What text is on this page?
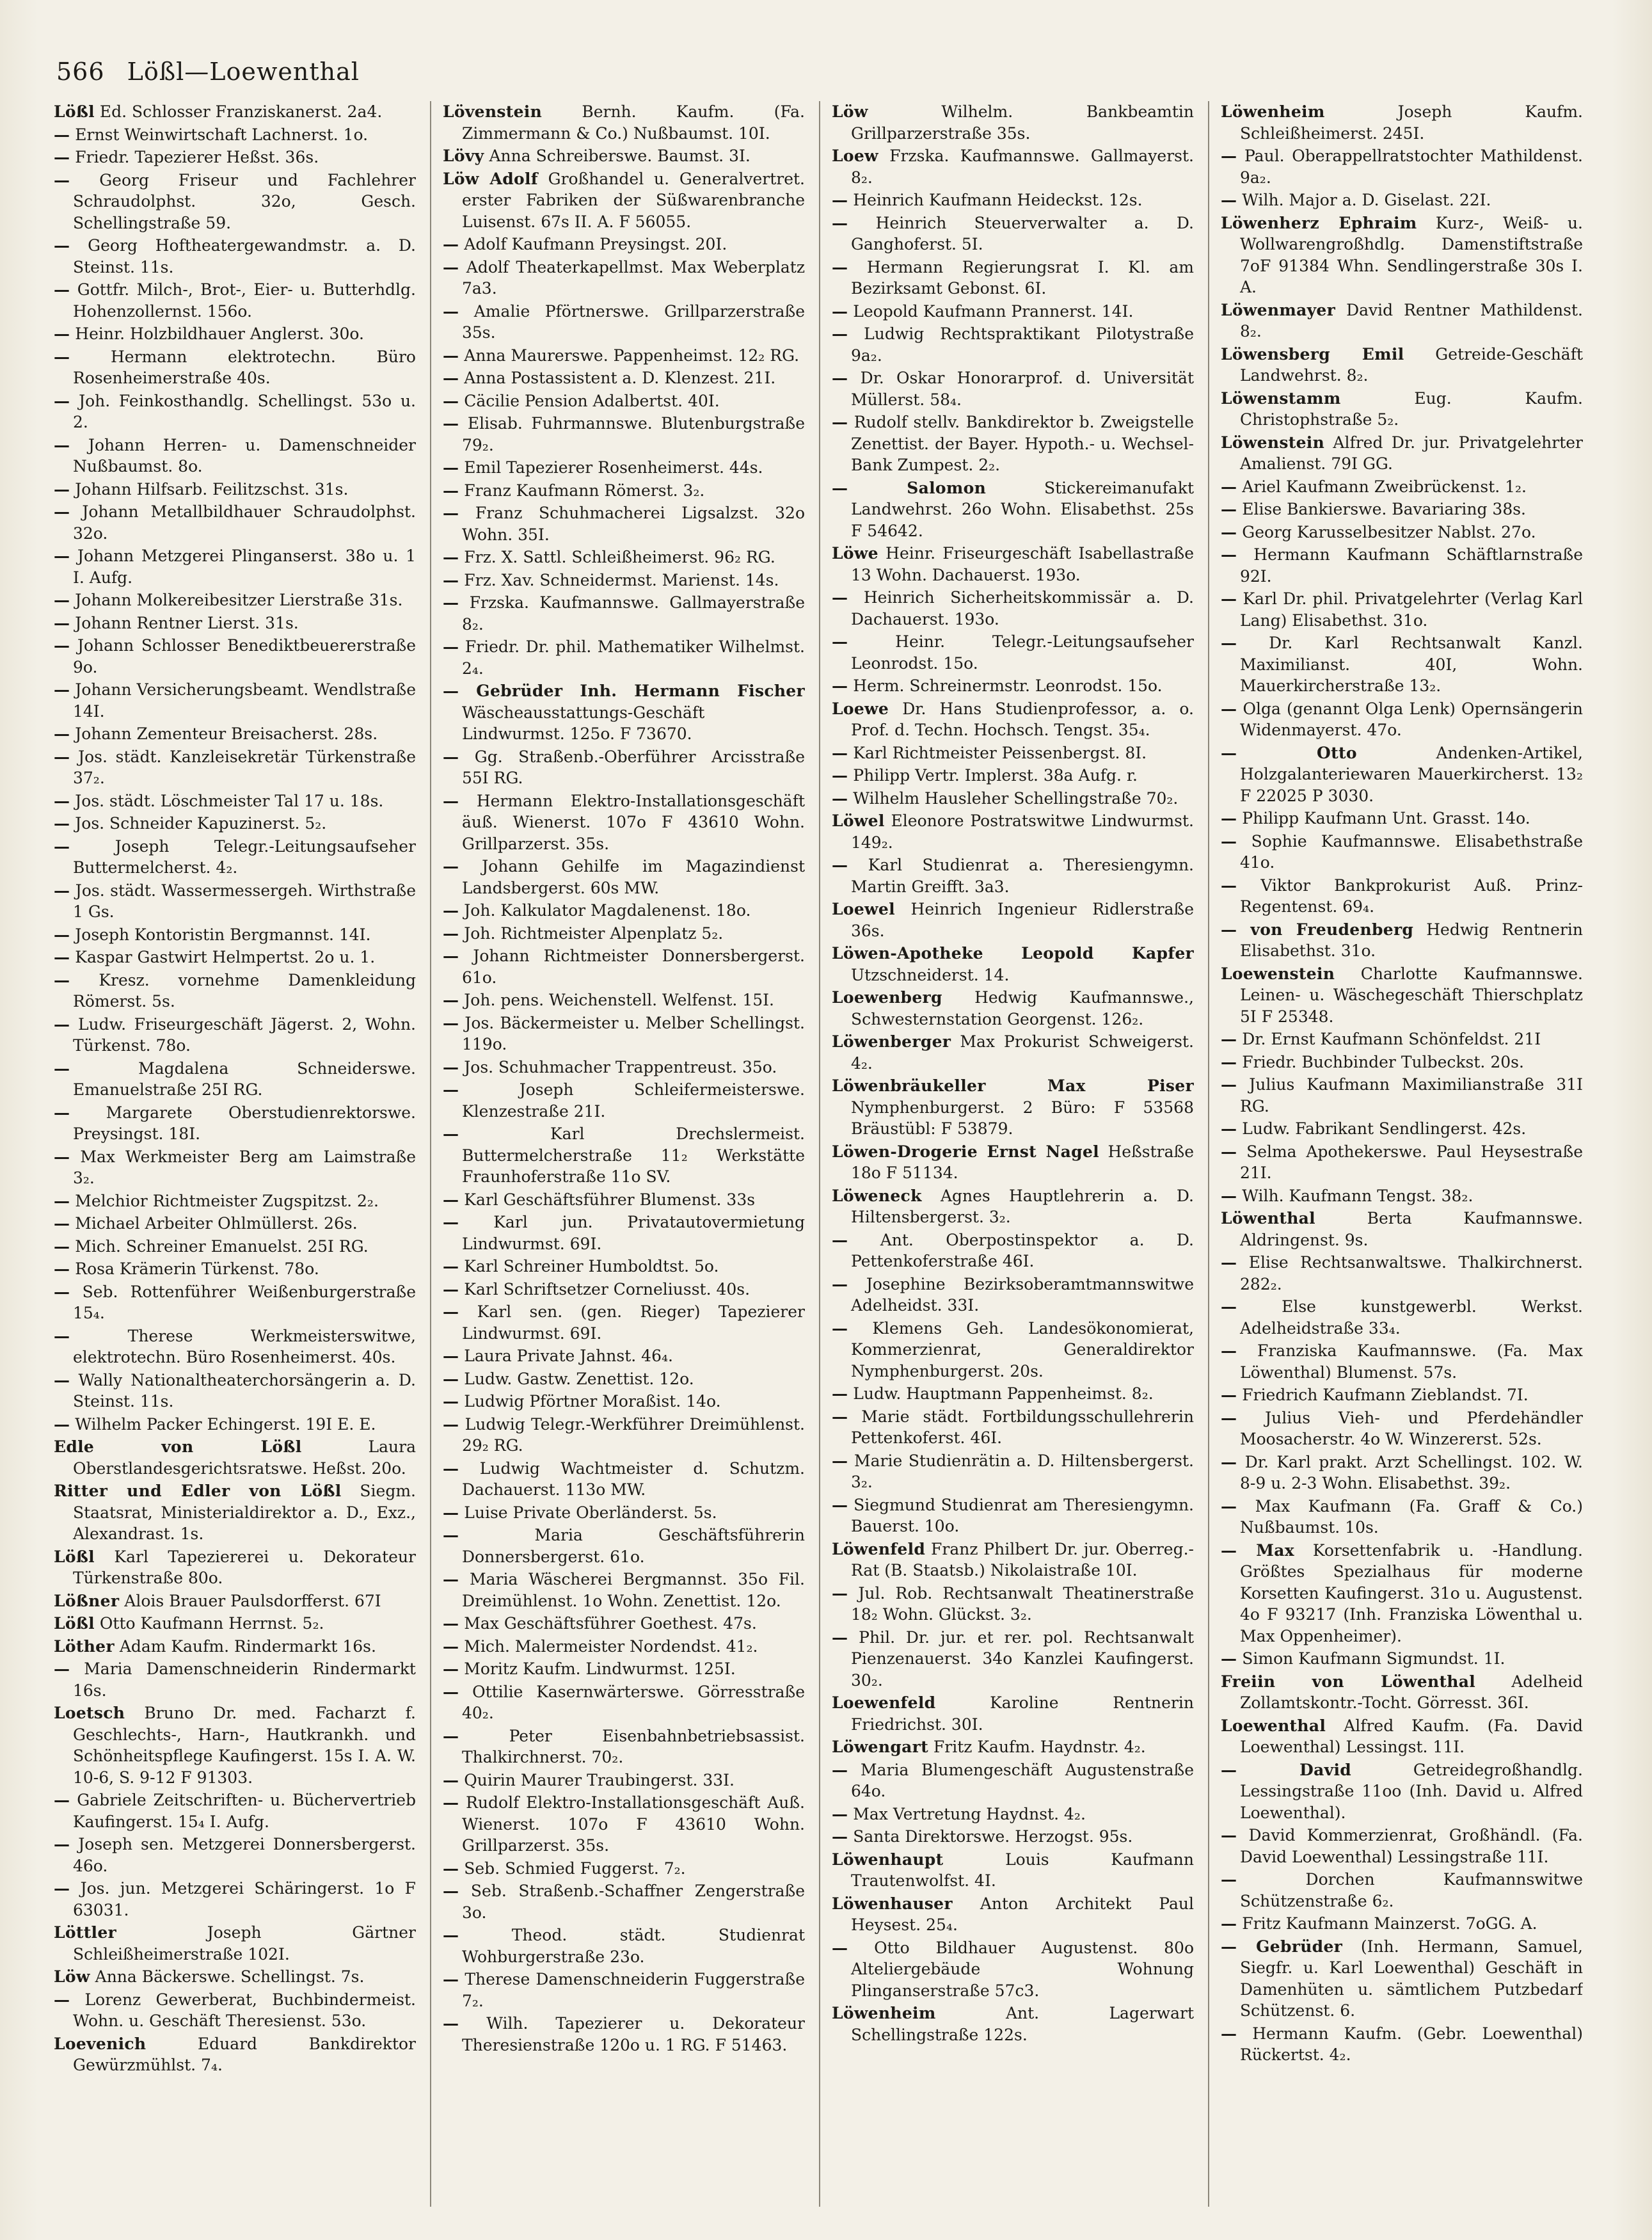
566 Lößl—Loewenthal

Lößl Ed. Schlosser Franziskanerst. 2a4.

— Ernst Weinwirtschaft Lachnerst. 1o.

— Friedr. Tapezierer Heßst. 36s.

— Georg Friseur und Fachlehrer Schraudolphst. 32o, Gesch. Schellingstraße 59.

— Georg Hoftheatergewandmstr. a. D. Steinst. 11s.

— Gottfr. Milch-, Brot-, Eier- u. Butterhdlg. Hohenzollernst. 156o.

— Heinr. Holzbildhauer Anglerst. 30o.

—	Hermann elektrotechn. Büro Rosenheimerstraße 40s.

— Joh. Feinkosthandlg. Schellingst. 53o u. 2.

— Johann Herren- u. Damenschneider Nußbaumst. 8o.

— Johann Hilfsarb. Feilitzschst. 31s.

— Johann Metallbildhauer Schraudolphst. 32o.

— Johann Metzgerei Plinganserst. 38o u. 1 I. Aufg.

— Johann Molkereibesitzer Lierstraße 31s.

— Johann Rentner Lierst. 31s.

— Johann Schlosser Benediktbeuererstraße 9o.

— Johann Versicherungsbeamt. Wendlstraße 14I.

— Johann Zementeur Breisacherst. 28s.

— Jos. städt. Kanzleisekretär Türkenstraße 37₂.

— Jos. städt. Löschmeister Tal 17 u. 18s.

— Jos. Schneider Kapuzinerst. 5₂.

—	Joseph Telegr.-Leitungsaufseher Buttermelcherst. 4₂.

— Jos. städt. Wassermessergeh. Wirthstraße 1 Gs.

— Joseph Kontoristin Bergmannst. 14I.

— Kaspar Gastwirt Helmpertst. 2o u. 1.

— Kresz. vornehme Damenkleidung Römerst. 5s.

— Ludw. Friseurgeschäft Jägerst. 2, Wohn. Türkenst. 78o.

—	Magdalena Schneiderswe. Emanuelstraße 25I RG.

— Margarete Oberstudienrektorswe. Preysingst. 18I.

— Max Werkmeister Berg am Laimstraße 3₂.

— Melchior Richtmeister Zugspitzst. 2₂.

— Michael Arbeiter Ohlmüllerst. 26s.

— Mich. Schreiner Emanuelst. 25I RG.

— Rosa Krämerin Türkenst. 78o.

— Seb. Rottenführer Weißenburgerstraße 15₄.

—	Therese Werkmeisterswitwe, elektrotechn. Büro Rosenheimerst. 40s.

— Wally Nationaltheaterchorsängerin a. D. Steinst. 11s.

— Wilhelm Packer Echingerst. 19I E. E.

Edle von Lößl	Laura Oberstlandesgerichtsratswe. Heßst. 20o.

Ritter und Edler von Lößl Siegm. Staatsrat, Ministerialdirektor a. D., Exz., Alexandrast. 1s.

Lößl Karl Tapeziererei u. Dekorateur Türkenstraße 80o.

Lößner Alois Brauer Paulsdorfferst. 67I

Lößl Otto Kaufmann Herrnst. 5₂.

Löther Adam Kaufm. Rindermarkt 16s.

— Maria Damenschneiderin Rindermarkt 16s.

Loetsch Bruno Dr. med. Facharzt f. Geschlechts-, Harn-, Hautkrankh. und Schönheitspflege Kaufingerst. 15s I. A. W. 10-6, S. 9-12 F 91303.

— Gabriele Zeitschriften- u. Büchervertrieb Kaufingerst. 15₄ I. Aufg.

— Joseph sen. Metzgerei Donnersbergerst. 46o.

— Jos. jun. Metzgerei Schäringerst. 1o F 63031.

Löttler	Joseph Gärtner Schleißheimerstraße 102I.

Löw Anna Bäckerswe. Schellingst. 7s.

— Lorenz Gewerberat, Buchbindermeist. Wohn. u. Geschäft Theresienst. 53o.

Loevenich	Eduard Bankdirektor Gewürzmühlst. 7₄.

Lövenstein Bernh. Kaufm. (Fa. Zimmermann & Co.) Nußbaumst. 10I.

Lövy Anna Schreiberswe. Baumst. 3I.

Löw Adolf Großhandel u. Generalvertret. erster Fabriken der Süßwarenbranche Luisenst. 67s II. A. F 56055.

— Adolf Kaufmann Preysingst. 20I.

— Adolf Theaterkapellmst. Max Weberplatz 7a3.

— Amalie Pförtnerswe. Grillparzerstraße 35s.

— Anna Maurerswe. Pappenheimst. 12₂ RG.

— Anna Postassistent a. D. Klenzest. 21I.

— Cäcilie Pension Adalbertst. 40I.

— Elisab. Fuhrmannswe. Blutenburgstraße 79₂.

— Emil Tapezierer Rosenheimerst. 44s.

— Franz Kaufmann Römerst. 3₂.

— Franz Schuhmacherei Ligsalzst. 32o Wohn. 35I.

— Frz. X. Sattl. Schleißheimerst. 96₂ RG.

— Frz. Xav. Schneidermst. Marienst. 14s.

— Frzska. Kaufmannswe. Gallmayerstraße 8₂.

— Friedr. Dr. phil. Mathematiker Wilhelmst. 2₄.

— Gebrüder Inh. Hermann Fischer Wäscheausstattungs-Geschäft Lindwurmst. 125o. F 73670.

— Gg. Straßenb.-Oberführer Arcisstraße 55I RG.

— Hermann Elektro-Installationsgeschäft äuß. Wienerst. 107o F 43610 Wohn. Grillparzerst. 35s.

— Johann Gehilfe im Magazindienst Landsbergerst. 60s MW.

— Joh. Kalkulator Magdalenenst. 18o.

— Joh. Richtmeister Alpenplatz 5₂.

— Johann Richtmeister Donnersbergerst. 61o.

— Joh. pens. Weichenstell. Welfenst. 15I.

— Jos. Bäckermeister u. Melber Schellingst. 119o.

— Jos. Schuhmacher Trappentreust. 35o.

—	Joseph Schleifermeisterswe. Klenzestraße 21I.

—	Karl Drechslermeist. Buttermelcherstraße 11₂ Werkstätte Fraunhoferstraße 11o SV.

— Karl Geschäftsführer Blumenst. 33s

— Karl jun. Privatautovermietung Lindwurmst. 69I.

— Karl Schreiner Humboldtst. 5o.

— Karl Schriftsetzer Corneliusst. 40s.

— Karl sen. (gen. Rieger) Tapezierer Lindwurmst. 69I.

— Laura Private Jahnst. 46₄.

— Ludw. Gastw. Zenettist. 12o.

— Ludwig Pförtner Moraßist. 14o.

— Ludwig Telegr.-Werkführer Dreimühlenst. 29₂ RG.

— Ludwig Wachtmeister d. Schutzm. Dachauerst. 113o MW.

— Luise Private Oberländerst. 5s.

—	Maria Geschäftsführerin Donnersbergerst. 61o.

— Maria Wäscherei Bergmannst. 35o Fil. Dreimühlenst. 1o Wohn. Zenettist. 12o.

— Max Geschäftsführer Goethest. 47s.

— Mich. Malermeister Nordendst. 41₂.

— Moritz Kaufm. Lindwurmst. 125I.

— Ottilie Kasernwärterswe. Görresstraße 40₂.

—	Peter Eisenbahnbetriebsassist. Thalkirchnerst. 70₂.

— Quirin Maurer Traubingerst. 33I.

— Rudolf Elektro-Installationsgeschäft Auß. Wienerst. 107o F 43610 Wohn. Grillparzerst. 35s.

— Seb. Schmied Fuggerst. 7₂.

— Seb. Straßenb.-Schaffner Zengerstraße 3o.

—	Theod. städt. Studienrat Wohburgerstraße 23o.

— Therese Damenschneiderin Fuggerstraße 7₂.

— Wilh. Tapezierer u. Dekorateur Theresienstraße 120o u. 1 RG. F 51463.

Löw	Wilhelm. Bankbeamtin Grillparzerstraße 35s.

Loew Frzska. Kaufmannswe. Gallmayerst. 8₂.

— Heinrich Kaufmann Heideckst. 12s.

— Heinrich Steuerverwalter a. D. Ganghoferst. 5I.

— Hermann Regierungsrat I. Kl. am Bezirksamt Gebonst. 6I.

— Leopold Kaufmann Prannerst. 14I.

— Ludwig Rechtspraktikant Pilotystraße 9a₂.

— Dr. Oskar Honorarprof. d. Universität Müllerst. 58₄.

— Rudolf stellv. Bankdirektor b. Zweigstelle Zenettist. der Bayer. Hypoth.- u. Wechsel-Bank Zumpest. 2₂.

— Salomon	Stickereimanufakt Landwehrst. 26o Wohn. Elisabethst. 25s F 54642.

Löwe Heinr. Friseurgeschäft Isabellastraße 13 Wohn. Dachauerst. 193o.

— Heinrich Sicherheitskommissär a. D. Dachauerst. 193o.

—	Heinr. Telegr.-Leitungsaufseher Leonrodst. 15o.

— Herm. Schreinermstr. Leonrodst. 15o.

Loewe Dr. Hans Studienprofessor, a. o. Prof. d. Techn. Hochsch. Tengst. 35₄.

— Karl Richtmeister Peissenbergst. 8I.

— Philipp Vertr. Implerst. 38a Aufg. r.

— Wilhelm Hausleher Schellingstraße 70₂.

Löwel Eleonore Postratswitwe Lindwurmst. 149₂.

— Karl Studienrat a. Theresiengymn. Martin Greifft. 3a3.

Loewel Heinrich Ingenieur Ridlerstraße 36s.

Löwen-Apotheke Leopold Kapfer Utzschneiderst. 14.

Loewenberg Hedwig Kaufmannswe., Schwesternstation Georgenst. 126₂.

Löwenberger Max Prokurist Schweigerst. 4₂.

Löwenbräukeller Max Piser Nymphenburgerst. 2 Büro: F 53568 Bräustübl: F 53879.

Löwen-Drogerie Ernst Nagel Heßstraße 18o F 51134.

Löweneck Agnes Hauptlehrerin a. D. Hiltensbergerst. 3₂.

— Ant. Oberpostinspektor a. D. Pettenkoferstraße 46I.

— Josephine Bezirksoberamtmannswitwe Adelheidst. 33I.

— Klemens Geh. Landesökonomierat, Kommerzienrat, Generaldirektor Nymphenburgerst. 20s.

— Ludw. Hauptmann Pappenheimst. 8₂.

— Marie städt. Fortbildungsschullehrerin Pettenkoferst. 46I.

— Marie Studienrätin a. D. Hiltensbergerst. 3₂.

— Siegmund Studienrat am Theresiengymn. Bauerst. 10o.

Löwenfeld Franz Philbert Dr. jur. Oberreg.-Rat (B. Staatsb.) Nikolaistraße 10I.

— Jul. Rob. Rechtsanwalt Theatinerstraße 18₂ Wohn. Glückst. 3₂.

— Phil. Dr. jur. et rer. pol. Rechtsanwalt Pienzenauerst. 34o Kanzlei Kaufingerst. 30₂.

Loewenfeld	Karoline Rentnerin Friedrichst. 30I.

Löwengart Fritz Kaufm. Haydnstr. 4₂.

— Maria Blumengeschäft Augustenstraße 64o.

— Max Vertretung Haydnst. 4₂.

— Santa Direktorswe. Herzogst. 95s.

Löwenhaupt	Louis Kaufmann Trautenwolfst. 4I.

Löwenhauser Anton Architekt Paul Heysest. 25₄.

— Otto Bildhauer Augustenst. 80o Alteliergebäude Wohnung Plinganserstraße 57c3.

Löwenheim	Ant. Lagerwart Schellingstraße 122s.

Löwenheim	Joseph Kaufm. Schleißheimerst. 245I.

— Paul. Oberappellratstochter Mathildenst. 9a₂.

— Wilh. Major a. D. Giselast. 22I.

Löwenherz Ephraim Kurz-, Weiß- u. Wollwarengroßhdlg. Damenstiftstraße 7oF 91384 Whn. Sendlingerstraße 30s I. A.

Löwenmayer David Rentner Mathildenst. 8₂.

Löwensberg Emil Getreide-Geschäft Landwehrst. 8₂.

Löwenstamm	Eug. Kaufm. Christophstraße 5₂.

Löwenstein Alfred Dr. jur. Privatgelehrter Amalienst. 79I GG.

— Ariel Kaufmann Zweibrückenst. 1₂.

— Elise Bankierswe. Bavariaring 38s.

— Georg Karusselbesitzer Nablst. 27o.

— Hermann Kaufmann Schäftlarnstraße 92I.

— Karl Dr. phil. Privatgelehrter (Verlag Karl Lang) Elisabethst. 31o.

— Dr. Karl Rechtsanwalt Kanzl. Maximilianst. 40I, Wohn. Mauerkircherstraße 13₂.

— Olga (genannt Olga Lenk) Opernsängerin Widenmayerst. 47o.

— Otto	Andenken-Artikel, Holzgalanteriewaren Mauerkircherst. 13₂ F 22025 P 3030.

— Philipp Kaufmann Unt. Grasst. 14o.

— Sophie Kaufmannswe. Elisabethstraße 41o.

— Viktor Bankprokurist Auß. Prinz-Regentenst. 69₄.

— von Freudenberg Hedwig Rentnerin Elisabethst. 31o.

Loewenstein Charlotte Kaufmannswe. Leinen- u. Wäschegeschäft Thierschplatz 5I F 25348.

— Dr. Ernst Kaufmann Schönfeldst. 21I

— Friedr. Buchbinder Tulbeckst. 20s.

— Julius Kaufmann Maximilianstraße 31I RG.

— Ludw. Fabrikant Sendlingerst. 42s.

— Selma Apothekerswe. Paul Heysestraße 21I.

— Wilh. Kaufmann Tengst. 38₂.

Löwenthal	Berta Kaufmannswe. Aldringenst. 9s.

— Elise Rechtsanwaltswe. Thalkirchnerst. 282₂.

—	Else kunstgewerbl. Werkst. Adelheidstraße 33₄.

— Franziska Kaufmannswe. (Fa. Max Löwenthal) Blumenst. 57s.

— Friedrich Kaufmann Zieblandst. 7I.

— Julius Vieh- und Pferdehändler Moosacherstr. 4o W. Winzererst. 52s.

— Dr. Karl prakt. Arzt Schellingst. 102. W. 8-9 u. 2-3 Wohn. Elisabethst. 39₂.

— Max Kaufmann (Fa. Graff & Co.) Nußbaumst. 10s.

— Max Korsettenfabrik u. -Handlung. Größtes Spezialhaus für moderne Korsetten Kaufingerst. 31o u. Augustenst. 4o F 93217 (Inh. Franziska Löwenthal u. Max Oppenheimer).

— Simon Kaufmann Sigmundst. 1I.

Freiin von Löwenthal Adelheid Zollamtskontr.-Tocht. Görresst. 36I.

Loewenthal Alfred Kaufm. (Fa. David Loewenthal) Lessingst. 11I.

— David	Getreidegroßhandlg. Lessingstraße 11oo (Inh. David u. Alfred Loewenthal).

— David Kommerzienrat, Großhändl. (Fa. David Loewenthal) Lessingstraße 11I.

—	Dorchen Kaufmannswitwe Schützenstraße 6₂.

— Fritz Kaufmann Mainzerst. 7oGG. A.

— Gebrüder (Inh. Hermann, Samuel, Siegfr. u. Karl Loewenthal) Geschäft in Damenhüten u. sämtlichem Putzbedarf Schützenst. 6.

— Hermann Kaufm. (Gebr. Loewenthal) Rückertst. 4₂.
